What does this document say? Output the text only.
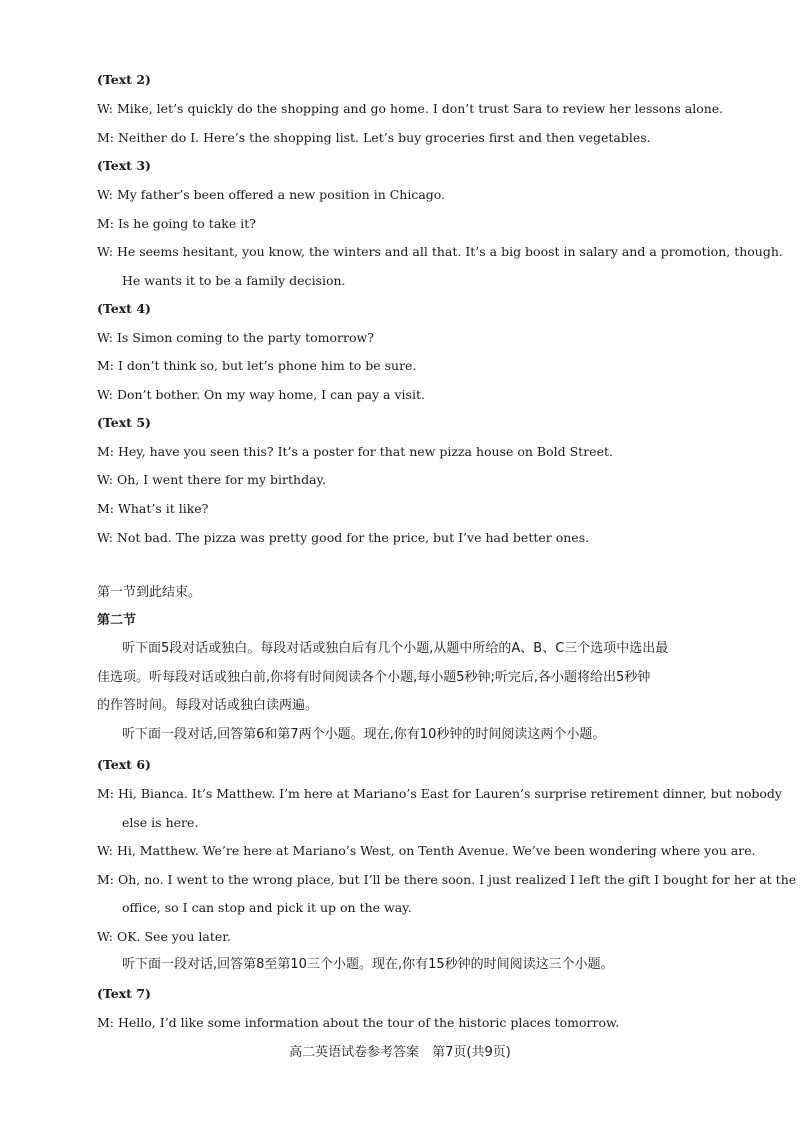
(Text 2)

W: Mike, let’s quickly do the shopping and go home. I don’t trust Sara to review her lessons alone.

M: Neither do I. Here’s the shopping list. Let’s buy groceries first and then vegetables.

(Text 3)

W: My father’s been offered a new position in Chicago.

M: Is he going to take it?

W: He seems hesitant, you know, the winters and all that. It’s a big boost in salary and a promotion, though.

He wants it to be a family decision.

(Text 4)

W: Is Simon coming to the party tomorrow?

M: I don’t think so, but let’s phone him to be sure.

W: Don’t bother. On my way home, I can pay a visit.

(Text 5)

M: Hey, have you seen this? It’s a poster for that new pizza house on Bold Street.

W: Oh, I went there for my birthday.

M: What’s it like?

W: Not bad. The pizza was pretty good for the price, but I’ve had better ones.

第一节到此结束。

第二节

听下面5段对话或独白。每段对话或独白后有几个小题,从题中所给的A、B、C三个选项中选出最

佳选项。听每段对话或独白前,你将有时间阅读各个小题,每小题5秒钟;听完后,各小题将给出5秒钟

的作答时间。每段对话或独白读两遍。

听下面一段对话,回答第6和第7两个小题。现在,你有10秒钟的时间阅读这两个小题。

(Text 6)

M: Hi, Bianca. It’s Matthew. I’m here at Mariano’s East for Lauren’s surprise retirement dinner, but nobody

else is here.

W: Hi, Matthew. We’re here at Mariano’s West, on Tenth Avenue. We’ve been wondering where you are.

M: Oh, no. I went to the wrong place, but I’ll be there soon. I just realized I left the gift I bought for her at the

office, so I can stop and pick it up on the way.

W: OK. See you later.

听下面一段对话,回答第8至第10三个小题。现在,你有15秒钟的时间阅读这三个小题。

(Text 7)

M: Hello, I’d like some information about the tour of the historic places tomorrow.

高二英语试卷参考答案　第7页(共9页)
